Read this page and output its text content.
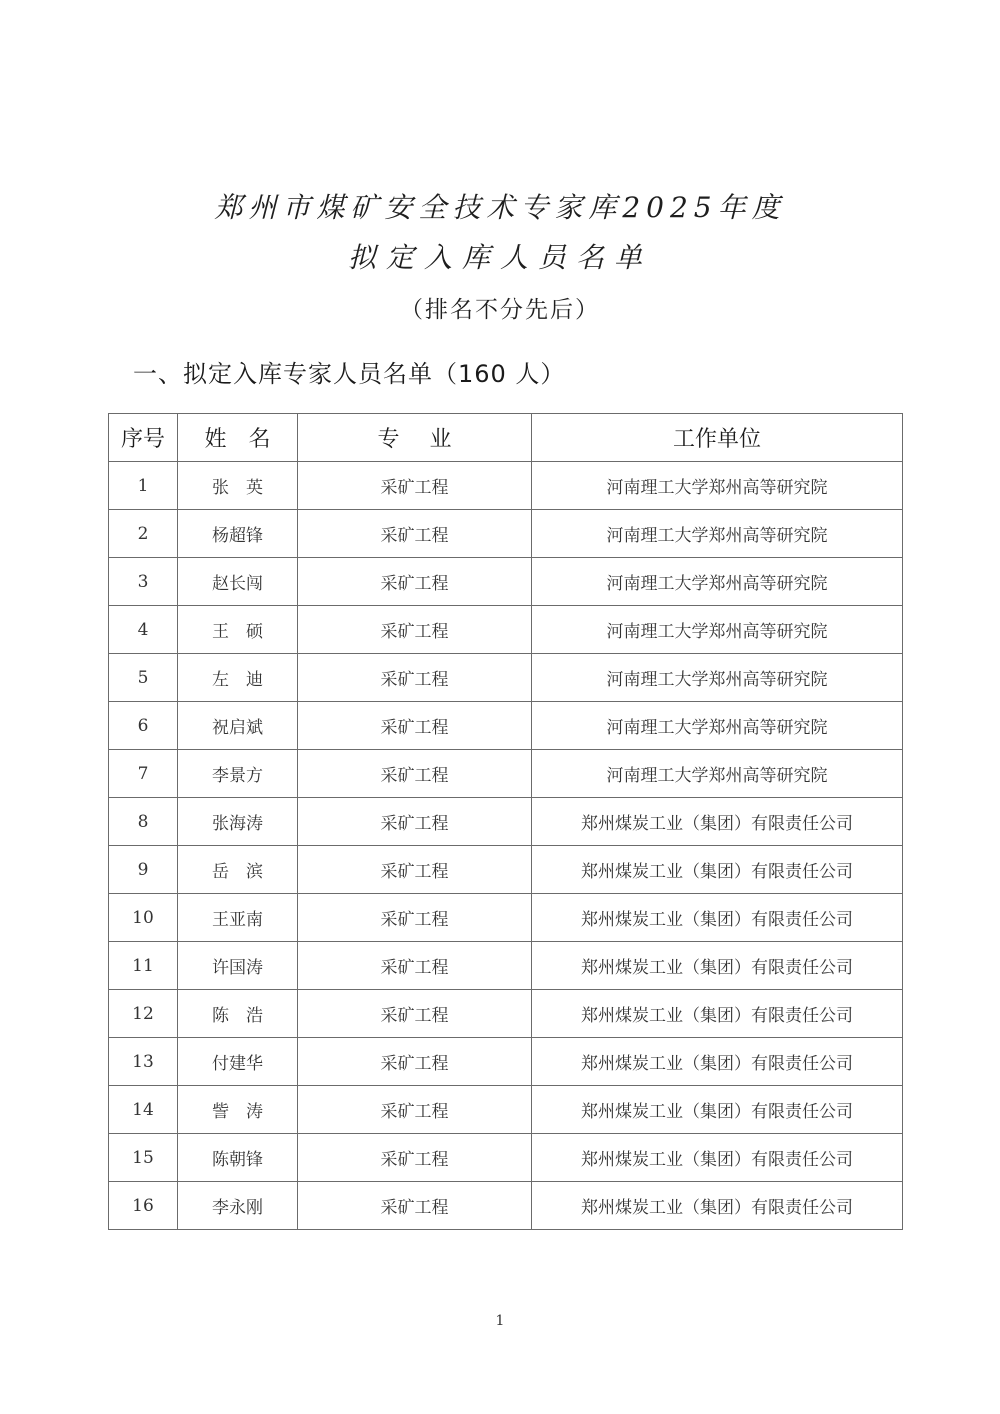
郑州市煤矿安全技术专家库2025年度
拟定入库人员名单
（排名不分先后）
一、拟定入库专家人员名单（160 人）
序号	姓名	专业	工作单位
1	张　英	采矿工程	河南理工大学郑州高等研究院
2	杨超锋	采矿工程	河南理工大学郑州高等研究院
3	赵长闯	采矿工程	河南理工大学郑州高等研究院
4	王　硕	采矿工程	河南理工大学郑州高等研究院
5	左　迪	采矿工程	河南理工大学郑州高等研究院
6	祝启斌	采矿工程	河南理工大学郑州高等研究院
7	李景方	采矿工程	河南理工大学郑州高等研究院
8	张海涛	采矿工程	郑州煤炭工业（集团）有限责任公司
9	岳　滨	采矿工程	郑州煤炭工业（集团）有限责任公司
10	王亚南	采矿工程	郑州煤炭工业（集团）有限责任公司
11	许国涛	采矿工程	郑州煤炭工业（集团）有限责任公司
12	陈　浩	采矿工程	郑州煤炭工业（集团）有限责任公司
13	付建华	采矿工程	郑州煤炭工业（集团）有限责任公司
14	訾　涛	采矿工程	郑州煤炭工业（集团）有限责任公司
15	陈朝锋	采矿工程	郑州煤炭工业（集团）有限责任公司
16	李永刚	采矿工程	郑州煤炭工业（集团）有限责任公司
1
